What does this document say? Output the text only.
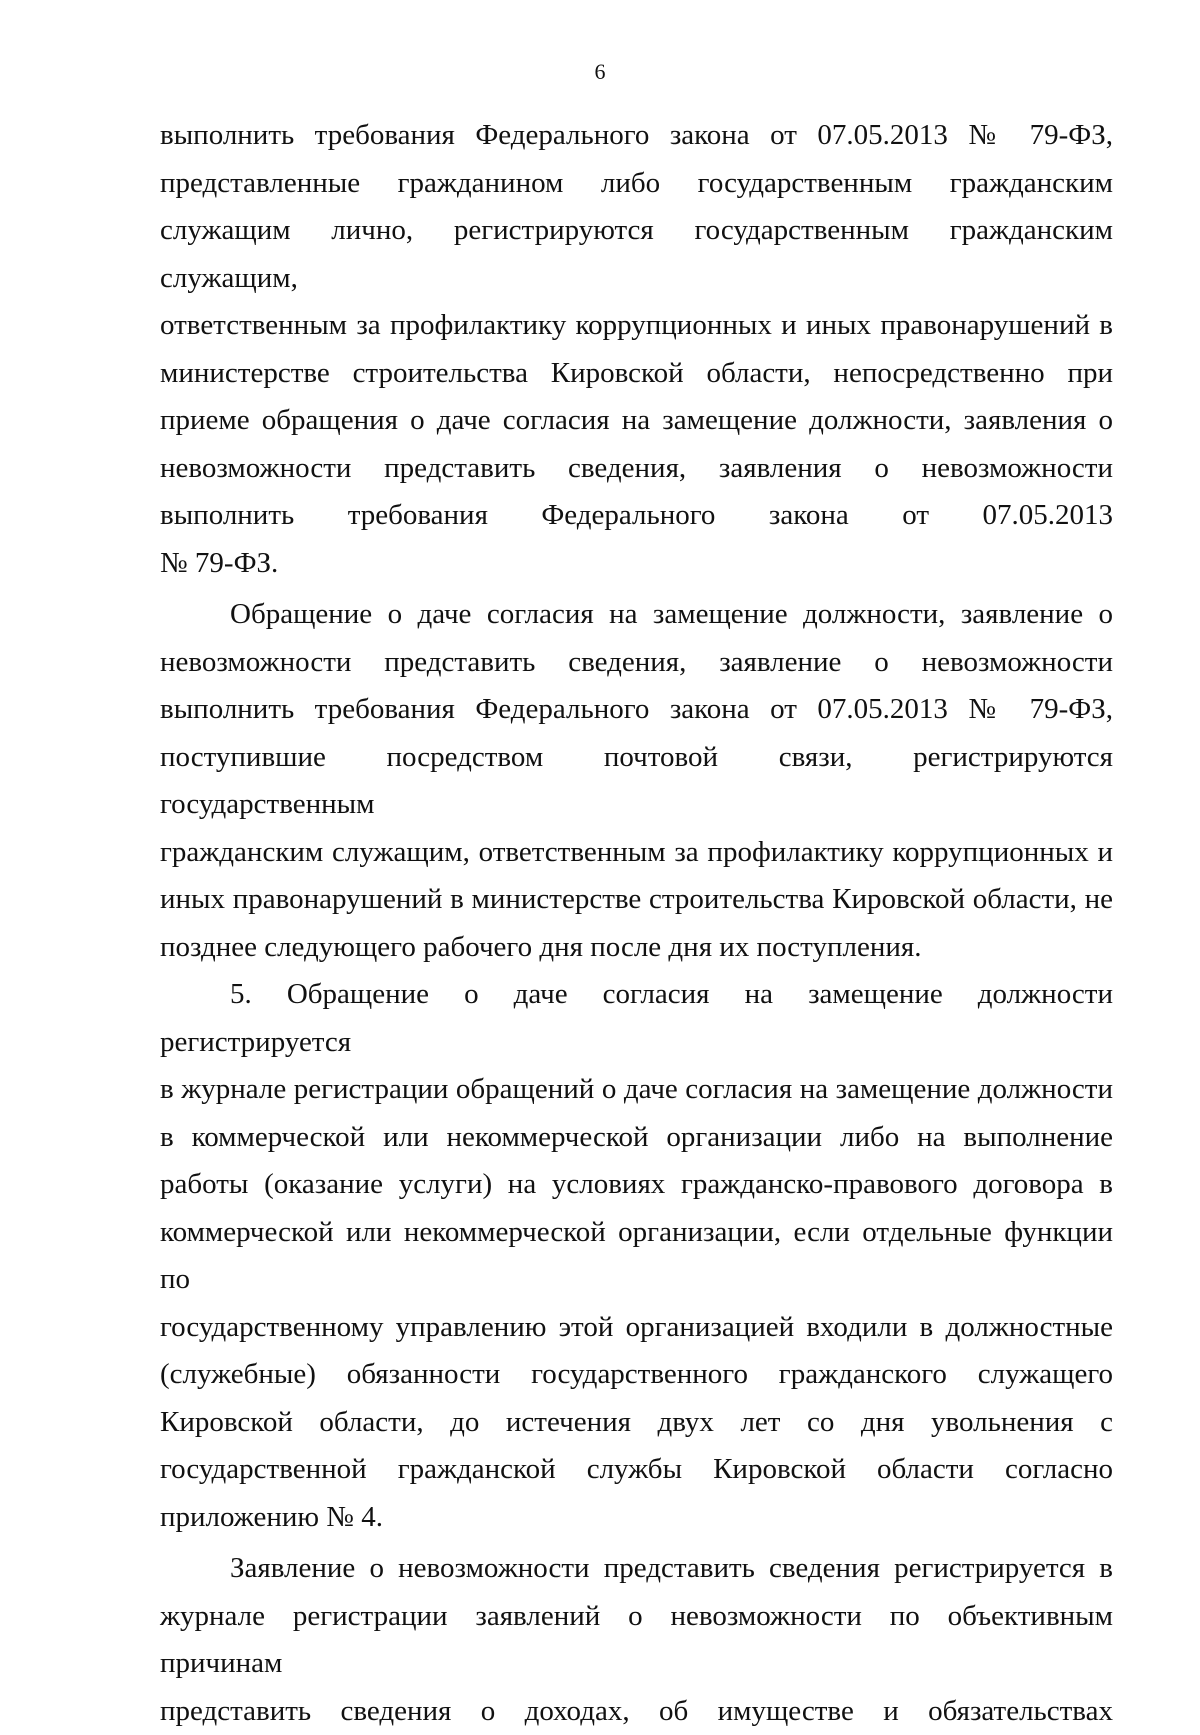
6

выполнить требования Федерального закона от 07.05.2013 № 79-ФЗ,

представленные гражданином либо государственным гражданским

служащим лично, регистрируются государственным гражданским служащим,

ответственным за профилактику коррупционных и иных правонарушений в

министерстве строительства Кировской области, непосредственно при

приеме обращения о даче согласия на замещение должности, заявления о

невозможности представить сведения, заявления о невозможности

выполнить требования Федерального закона от 07.05.2013

№ 79-ФЗ.

Обращение о даче согласия на замещение должности, заявление о

невозможности представить сведения, заявление о невозможности

выполнить требования Федерального закона от 07.05.2013 № 79-ФЗ,

поступившие посредством почтовой связи, регистрируются государственным

гражданским служащим, ответственным за профилактику коррупционных и

иных правонарушений в министерстве строительства Кировской области, не

позднее следующего рабочего дня после дня их поступления.

5. Обращение о даче согласия на замещение должности регистрируется

в журнале регистрации обращений о даче согласия на замещение должности

в коммерческой или некоммерческой организации либо на выполнение

работы (оказание услуги) на условиях гражданско-правового договора в

коммерческой или некоммерческой организации, если отдельные функции по

государственному управлению этой организацией входили в должностные

(служебные) обязанности государственного гражданского служащего

Кировской области, до истечения двух лет со дня увольнения с

государственной гражданской службы Кировской области согласно

приложению № 4.

Заявление о невозможности представить сведения регистрируется в

журнале регистрации заявлений о невозможности по объективным причинам

представить сведения о доходах, об имуществе и обязательствах
